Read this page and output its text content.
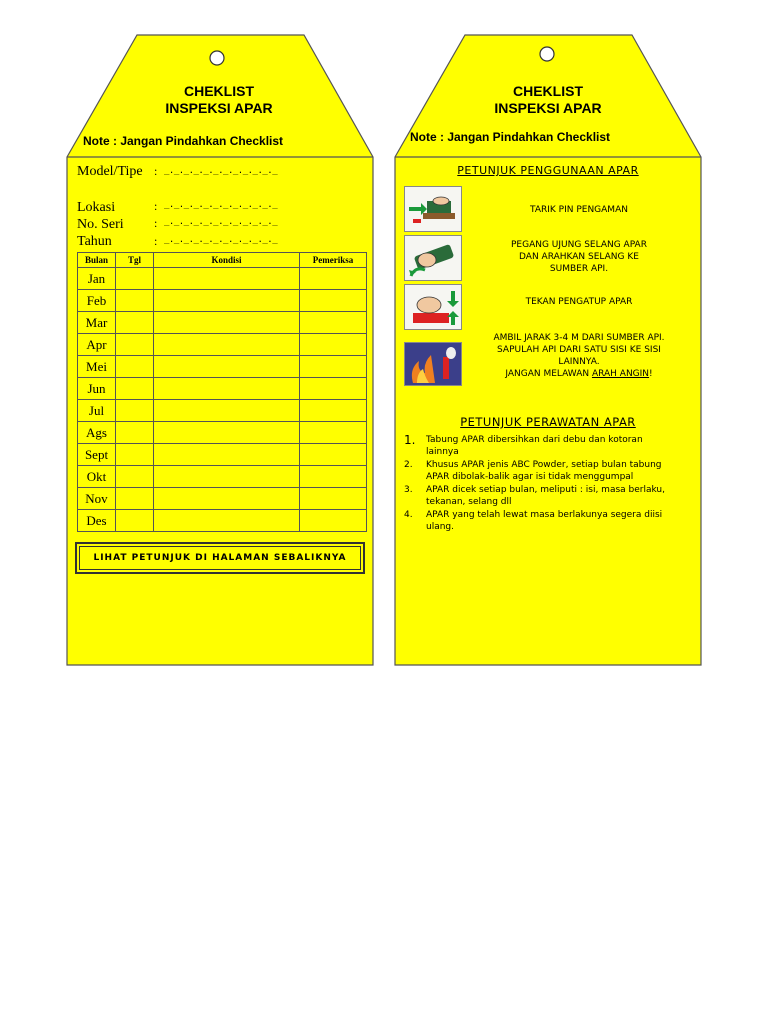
CHEKLIST
INSPEKSI APAR
Note : Jangan Pindahkan Checklist
Model/Tipe : _._._._._._._._._._._._
Lokasi	: _._._._._._._._._._._._
No. Seri	: _._._._._._._._._._._._
Tahun	: _._._._._._._._._._._._
Bulan	Tgl	Kondisi	Pemeriksa
Jan			
Feb			
Mar			
Apr			
Mei			
Jun			
Jul			
Ags			
Sept			
Okt			
Nov			
Des			
LIHAT PETUNJUK DI HALAMAN SEBALIKNYA
CHEKLIST
INSPEKSI APAR
Note : Jangan Pindahkan Checklist
PETUNJUK PENGGUNAAN APAR
TARIK PIN PENGAMAN
PEGANG UJUNG SELANG APAR
DAN ARAHKAN SELANG KE
SUMBER API.
TEKAN PENGATUP APAR
AMBIL JARAK 3-4 M DARI SUMBER API.
SAPULAH API DARI SATU SISI KE SISI
LAINNYA.
JANGAN MELAWAN ARAH ANGIN!
PETUNJUK PERAWATAN APAR
1. Tabung APAR dibersihkan dari debu dan kotoran lainnya
2. Khusus APAR jenis ABC Powder, setiap bulan tabung APAR dibolak-balik agar isi tidak menggumpal
3. APAR dicek setiap bulan, meliputi : isi, masa berlaku, tekanan, selang dll
4. APAR yang telah lewat masa berlakunya segera diisi ulang.
